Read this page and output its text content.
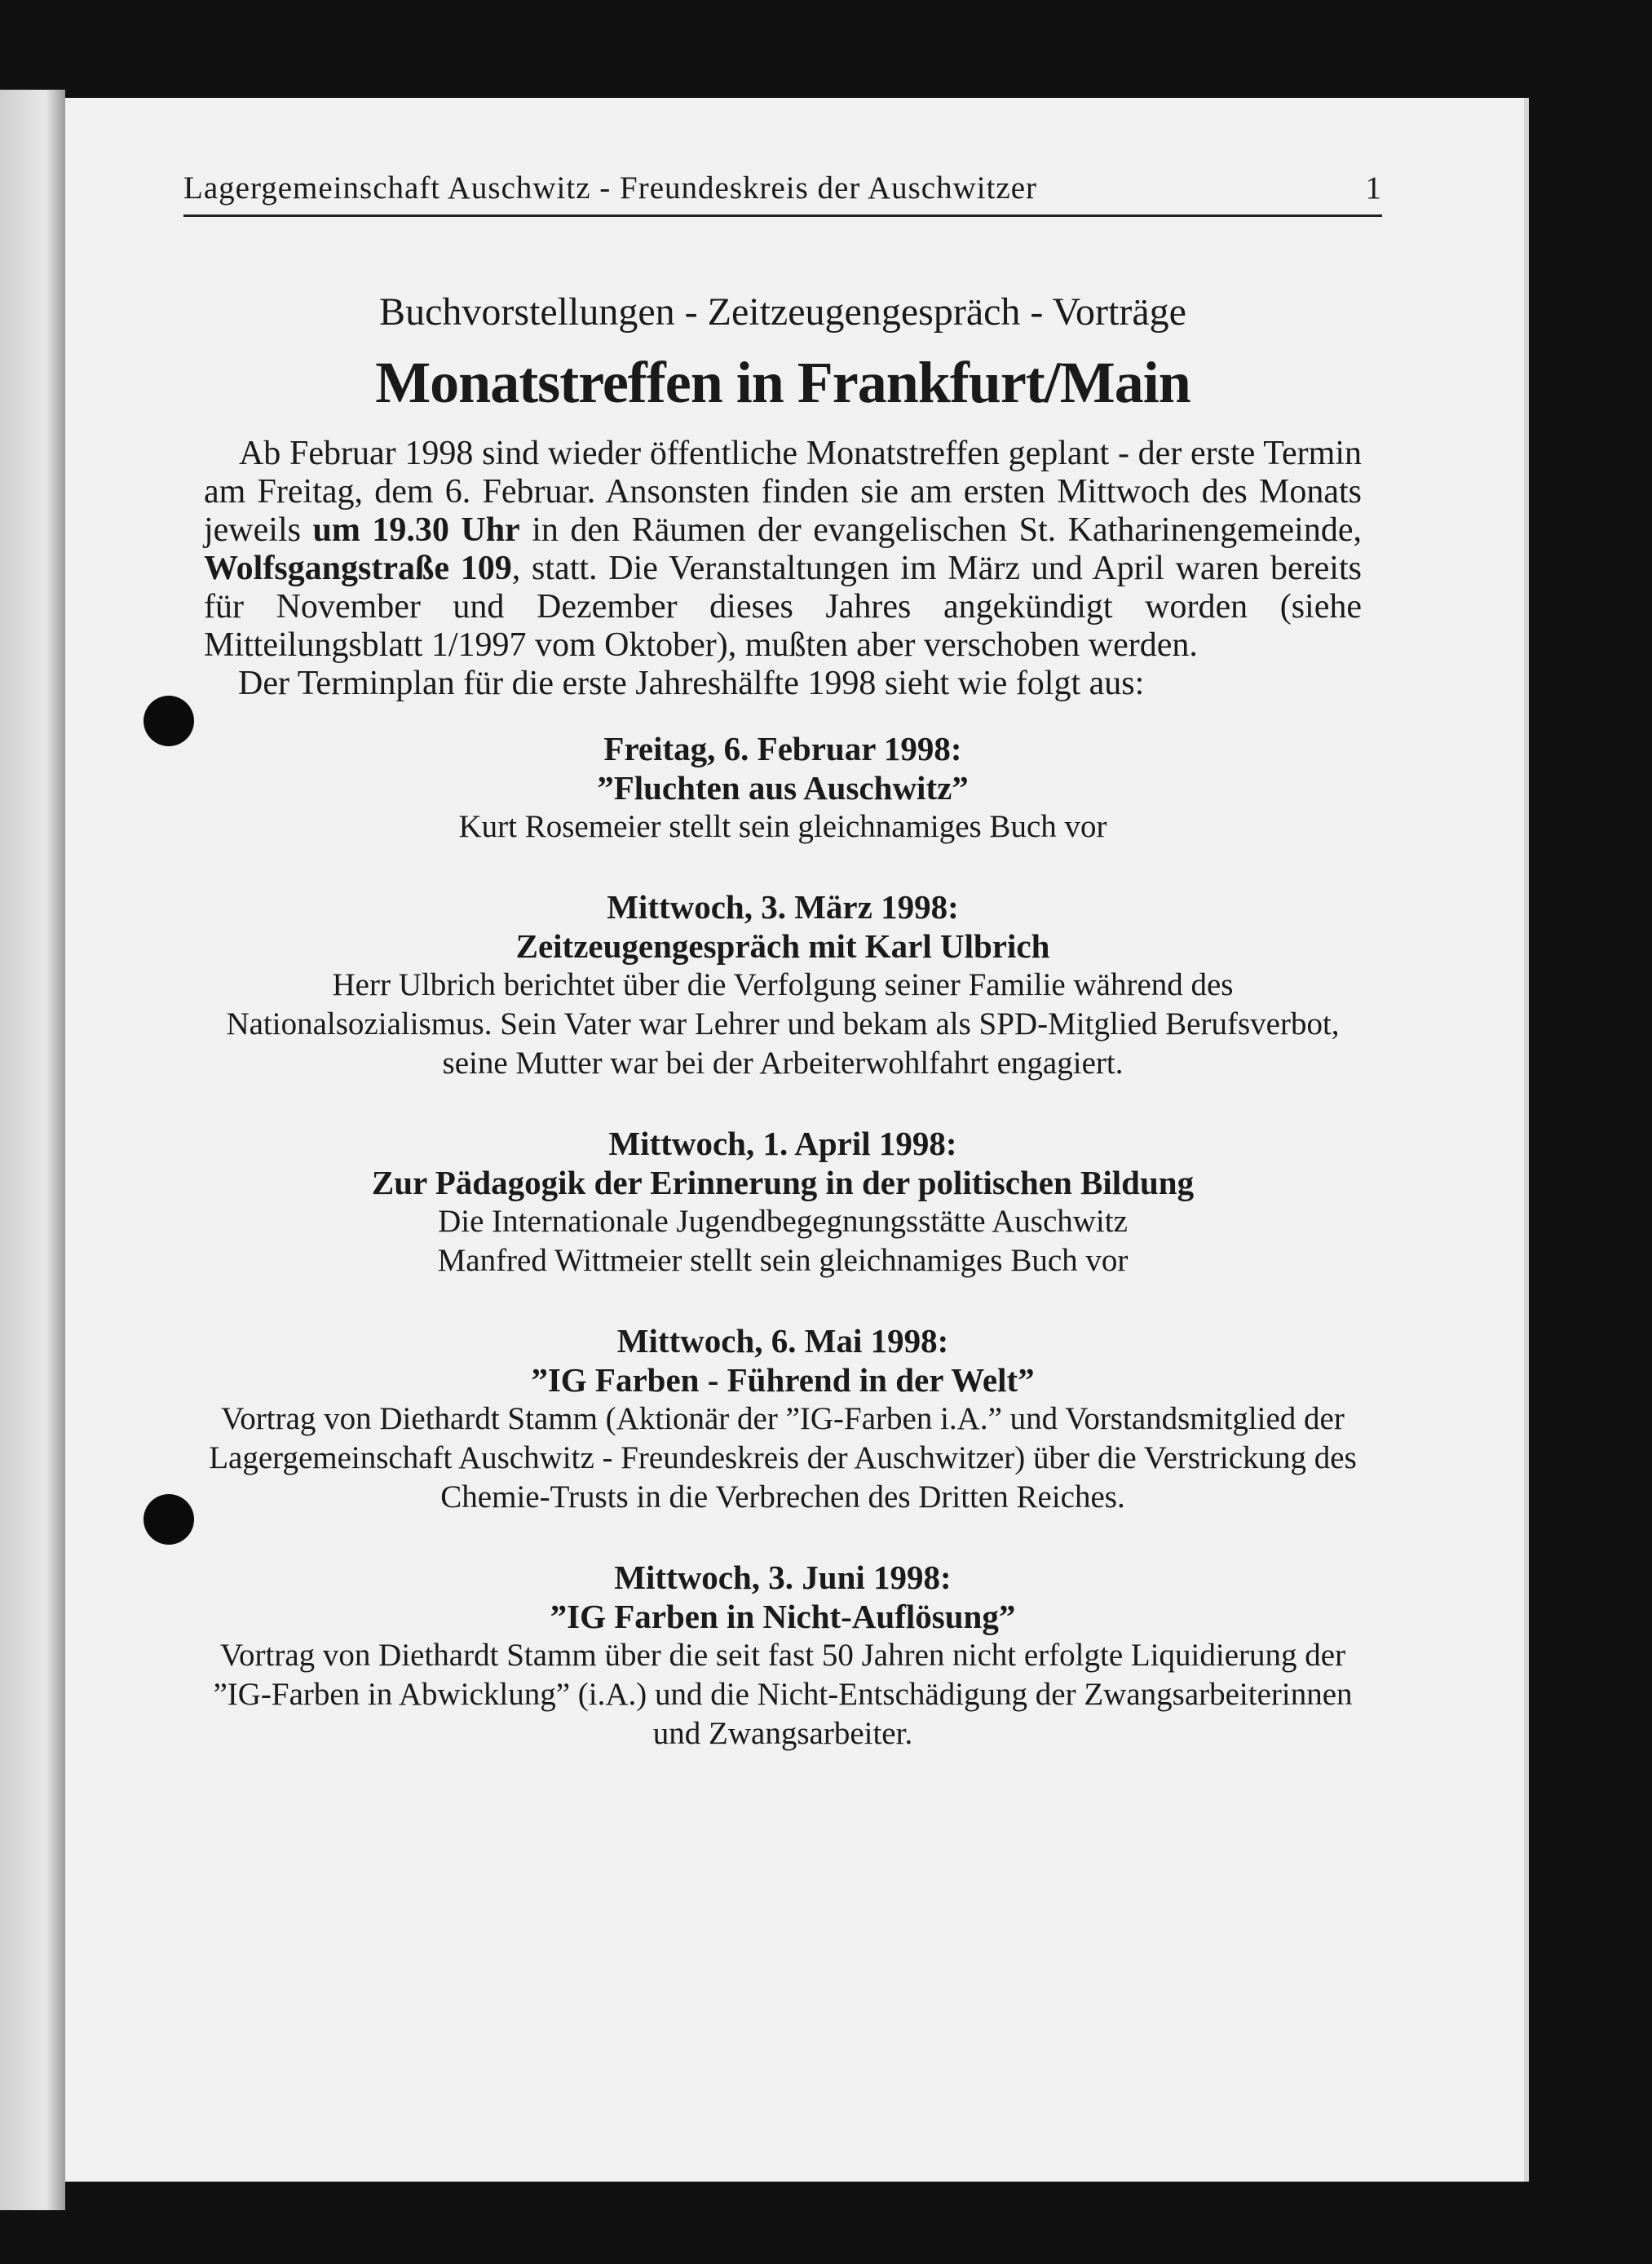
Lagergemeinschaft Auschwitz - Freundeskreis der Auschwitzer	1

Buchvorstellungen - Zeitzeugengespräch - Vorträge

Monatstreffen in Frankfurt/Main

Ab Februar 1998 sind wieder öffentliche Monatstreffen geplant - der erste Termin am Freitag, dem 6. Februar. Ansonsten finden sie am ersten Mittwoch des Monats jeweils um 19.30 Uhr in den Räumen der evangelischen St. Katharinengemeinde, Wolfsgangstraße 109, statt. Die Veranstaltungen im März und April waren bereits für November und Dezember dieses Jahres angekündigt worden (siehe Mitteilungsblatt 1/1997 vom Oktober), mußten aber verschoben werden.

Der Terminplan für die erste Jahreshälfte 1998 sieht wie folgt aus:

Freitag, 6. Februar 1998:
”Fluchten aus Auschwitz”
Kurt Rosemeier stellt sein gleichnamiges Buch vor
Mittwoch, 3. März 1998:
Zeitzeugengespräch mit Karl Ulbrich
Herr Ulbrich berichtet über die Verfolgung seiner Familie während des Nationalsozialismus. Sein Vater war Lehrer und bekam als SPD-Mitglied Berufsverbot, seine Mutter war bei der Arbeiterwohlfahrt engagiert.
Mittwoch, 1. April 1998:
Zur Pädagogik der Erinnerung in der politischen Bildung
Die Internationale Jugendbegegnungsstätte Auschwitz
Manfred Wittmeier stellt sein gleichnamiges Buch vor
Mittwoch, 6. Mai 1998:
”IG Farben - Führend in der Welt”
Vortrag von Diethardt Stamm (Aktionär der ”IG-Farben i.A.” und Vorstandsmitglied der Lagergemeinschaft Auschwitz - Freundeskreis der Auschwitzer) über die Verstrickung des Chemie-Trusts in die Verbrechen des Dritten Reiches.
Mittwoch, 3. Juni 1998:
”IG Farben in Nicht-Auflösung”
Vortrag von Diethardt Stamm über die seit fast 50 Jahren nicht erfolgte Liquidierung der ”IG-Farben in Abwicklung” (i.A.) und die Nicht-Entschädigung der Zwangsarbeiterinnen und Zwangsarbeiter.
